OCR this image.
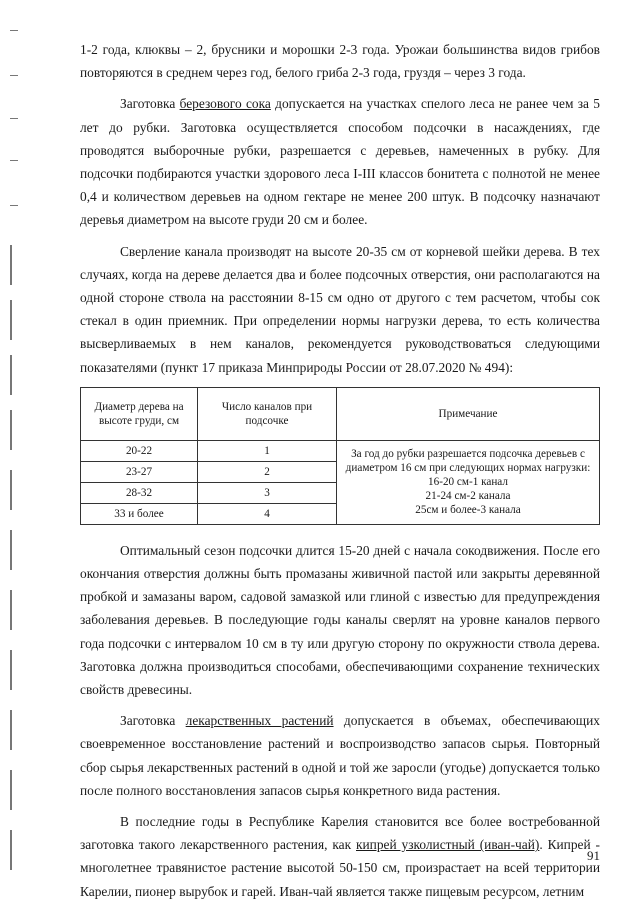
1-2 года, клюквы – 2, брусники и морошки 2-3 года. Урожаи большинства видов грибов повторяются в среднем через год, белого гриба 2-3 года, груздя – через 3 года.

Заготовка березового сока допускается на участках спелого леса не ранее чем за 5 лет до рубки. Заготовка осуществляется способом подсочки в насаждениях, где проводятся выборочные рубки, разрешается с деревьев, намеченных в рубку. Для подсочки подбираются участки здорового леса I-III классов бонитета с полнотой не менее 0,4 и количеством деревьев на одном гектаре не менее 200 штук. В подсочку назначают деревья диаметром на высоте груди 20 см и более.

Сверление канала производят на высоте 20-35 см от корневой шейки дерева. В тех случаях, когда на дереве делается два и более подсочных отверстия, они располагаются на одной стороне ствола на расстоянии 8-15 см одно от другого с тем расчетом, чтобы сок стекал в один приемник. При определении нормы нагрузки дерева, то есть количества высверливаемых в нем каналов, рекомендуется руководствоваться следующими показателями (пункт 17 приказа Минприроды России от 28.07.2020 № 494):

Диаметр дерева на высоте груди, см	Число каналов при подсочке	Примечание
20-22	1	За год до рубки разрешается подсочка деревьев с диаметром 16 см при следующих нормах нагрузки:
16-20 см-1 канал
21-24 см-2 канала
25см и более-3 канала

23-27	2	
28-32	3	
33 и более	4	

Оптимальный сезон подсочки длится 15-20 дней с начала сокодвижения. После его окончания отверстия должны быть промазаны живичной пастой или закрыты деревянной пробкой и замазаны варом, садовой замазкой или глиной с известью для предупреждения заболевания деревьев. В последующие годы каналы сверлят на уровне каналов первого года подсочки с интервалом 10 см в ту или другую сторону по окружности ствола дерева. Заготовка должна производиться способами, обеспечивающими сохранение технических свойств древесины.

Заготовка лекарственных растений допускается в объемах, обеспечивающих своевременное восстановление растений и воспроизводство запасов сырья. Повторный сбор сырья лекарственных растений в одной и той же заросли (угодье) допускается только после полного восстановления запасов сырья конкретного вида растения.

В последние годы в Республике Карелия становится все более востребованной заготовка такого лекарственного растения, как кипрей узколистный (иван-чай). Кипрей - многолетнее травянистое растение высотой 50-150 см, произрастает на всей территории Карелии, пионер вырубок и гарей. Иван-чай является также пищевым ресурсом, летним

91
